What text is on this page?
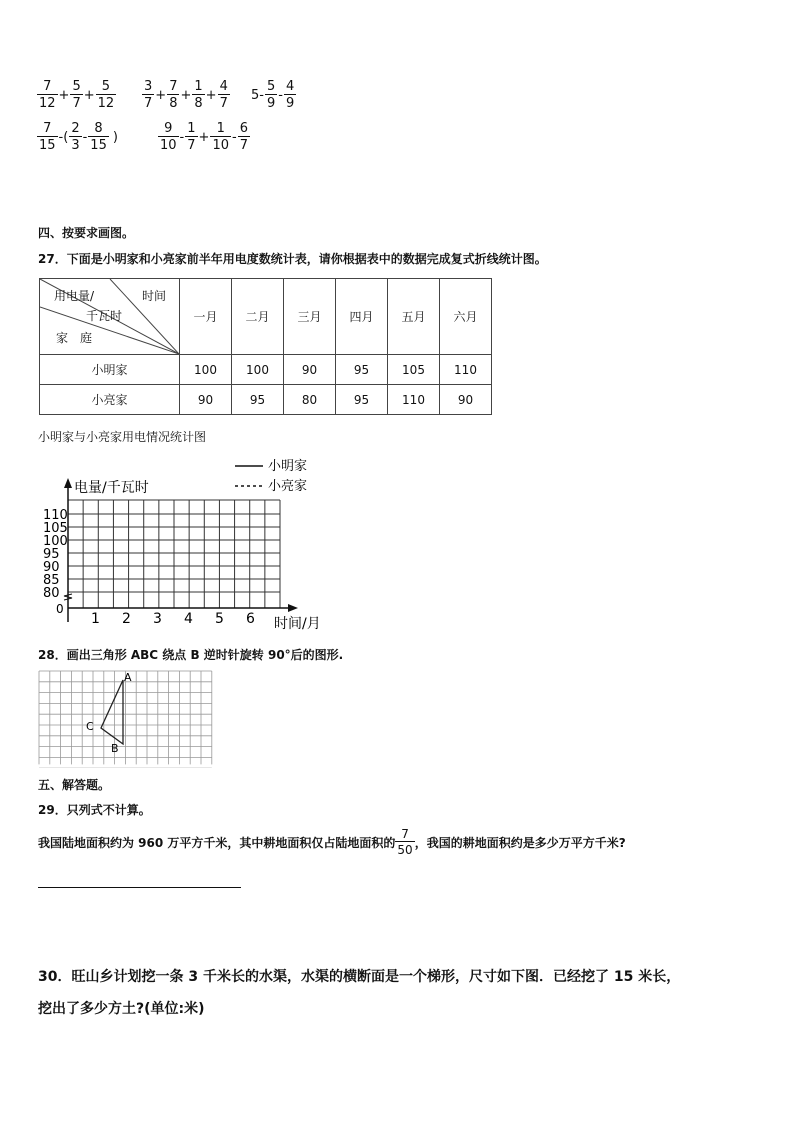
$\frac{7}{12} + \frac{5}{7} + \frac{5}{12} \frac{3}{7} + \frac{7}{8} + \frac{1}{8} + \frac{4}{7} 5- \frac{5}{9} - \frac{4}{9}$
$\frac{7}{15}$ -( $\frac{2}{3} - \frac{8}{15}$ )	$\frac{9}{10} - \frac{1}{7} + \frac{1}{10} - \frac{6}{7}$
四、按要求画图。
27．下面是小明家和小亮家前半年用电度数统计表，请你根据表中的数据完成复式折线统计图。
时间
用电量/
千瓦时
家　庭	一月	二月	三月	四月	五月	六月
小明家	100	100	90	95	105	110
小亮家	90	95	80	95	110	90
小明家与小亮家用电情况统计图
小明家
小亮家
电量/千瓦时
时间/月
0
110
105
100
95
90
85
80
1 2 3 4 5 6
28．画出三角形 ABC 绕点 B 逆时针旋转 90°后的图形.
A
B
C
五、解答题。
29．只列式不计算。
我国陆地面积约为 960 万平方千米，其中耕地面积仅占陆地面积的 $\frac{7}{50}$ ，我国的耕地面积约是多少万平方千米?
30．旺山乡计划挖一条 3 千米长的水渠，水渠的横断面是一个梯形，尺寸如下图．已经挖了 15 米长，
挖出了多少方土?(单位:米)
